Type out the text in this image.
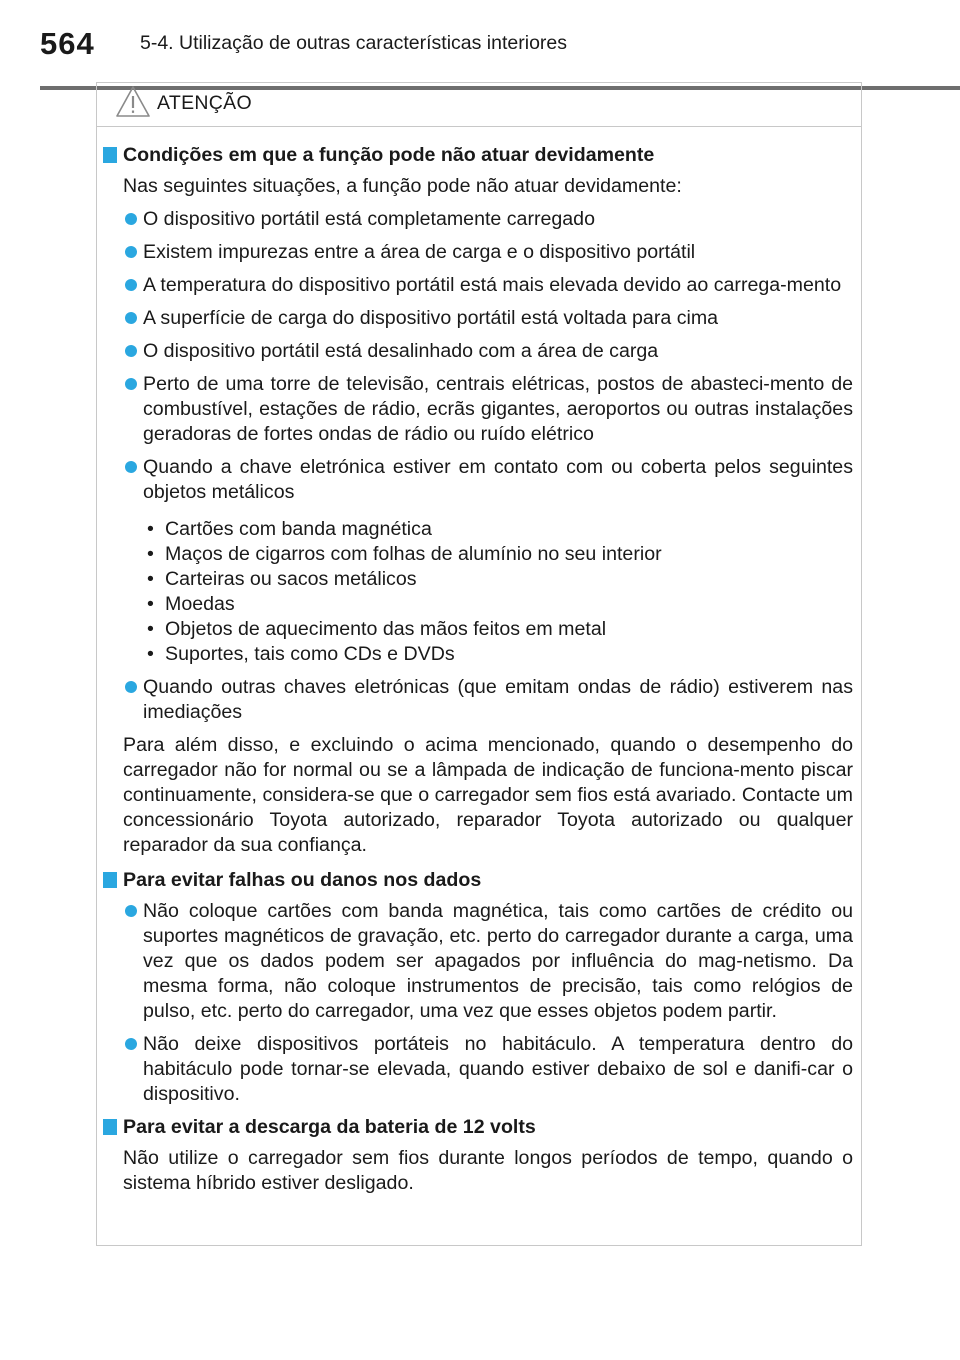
564 5-4. Utilização de outras características interiores
ATENÇÃO
Condições em que a função pode não atuar devidamente
Nas seguintes situações, a função pode não atuar devidamente:
O dispositivo portátil está completamente carregado
Existem impurezas entre a área de carga e o dispositivo portátil
A temperatura do dispositivo portátil está mais elevada devido ao carrega-mento
A superfície de carga do dispositivo portátil está voltada para cima
O dispositivo portátil está desalinhado com a área de carga
Perto de uma torre de televisão, centrais elétricas, postos de abasteci-mento de combustível, estações de rádio, ecrãs gigantes, aeroportos ou outras instalações geradoras de fortes ondas de rádio ou ruído elétrico
Quando a chave eletrónica estiver em contato com ou coberta pelos seguintes objetos metálicos
• Cartões com banda magnética
• Maços de cigarros com folhas de alumínio no seu interior
• Carteiras ou sacos metálicos
• Moedas
• Objetos de aquecimento das mãos feitos em metal
• Suportes, tais como CDs e DVDs
Quando outras chaves eletrónicas (que emitam ondas de rádio) estiverem nas imediações
Para além disso, e excluindo o acima mencionado, quando o desempenho do carregador não for normal ou se a lâmpada de indicação de funciona-mento piscar continuamente, considera-se que o carregador sem fios está avariado. Contacte um concessionário Toyota autorizado, reparador Toyota autorizado ou qualquer reparador da sua confiança.
Para evitar falhas ou danos nos dados
Não coloque cartões com banda magnética, tais como cartões de crédito ou suportes magnéticos de gravação, etc. perto do carregador durante a carga, uma vez que os dados podem ser apagados por influência do mag-netismo. Da mesma forma, não coloque instrumentos de precisão, tais como relógios de pulso, etc. perto do carregador, uma vez que esses objetos podem partir.
Não deixe dispositivos portáteis no habitáculo. A temperatura dentro do habitáculo pode tornar-se elevada, quando estiver debaixo de sol e danifi-car o dispositivo.
Para evitar a descarga da bateria de 12 volts
Não utilize o carregador sem fios durante longos períodos de tempo, quando o sistema híbrido estiver desligado.
